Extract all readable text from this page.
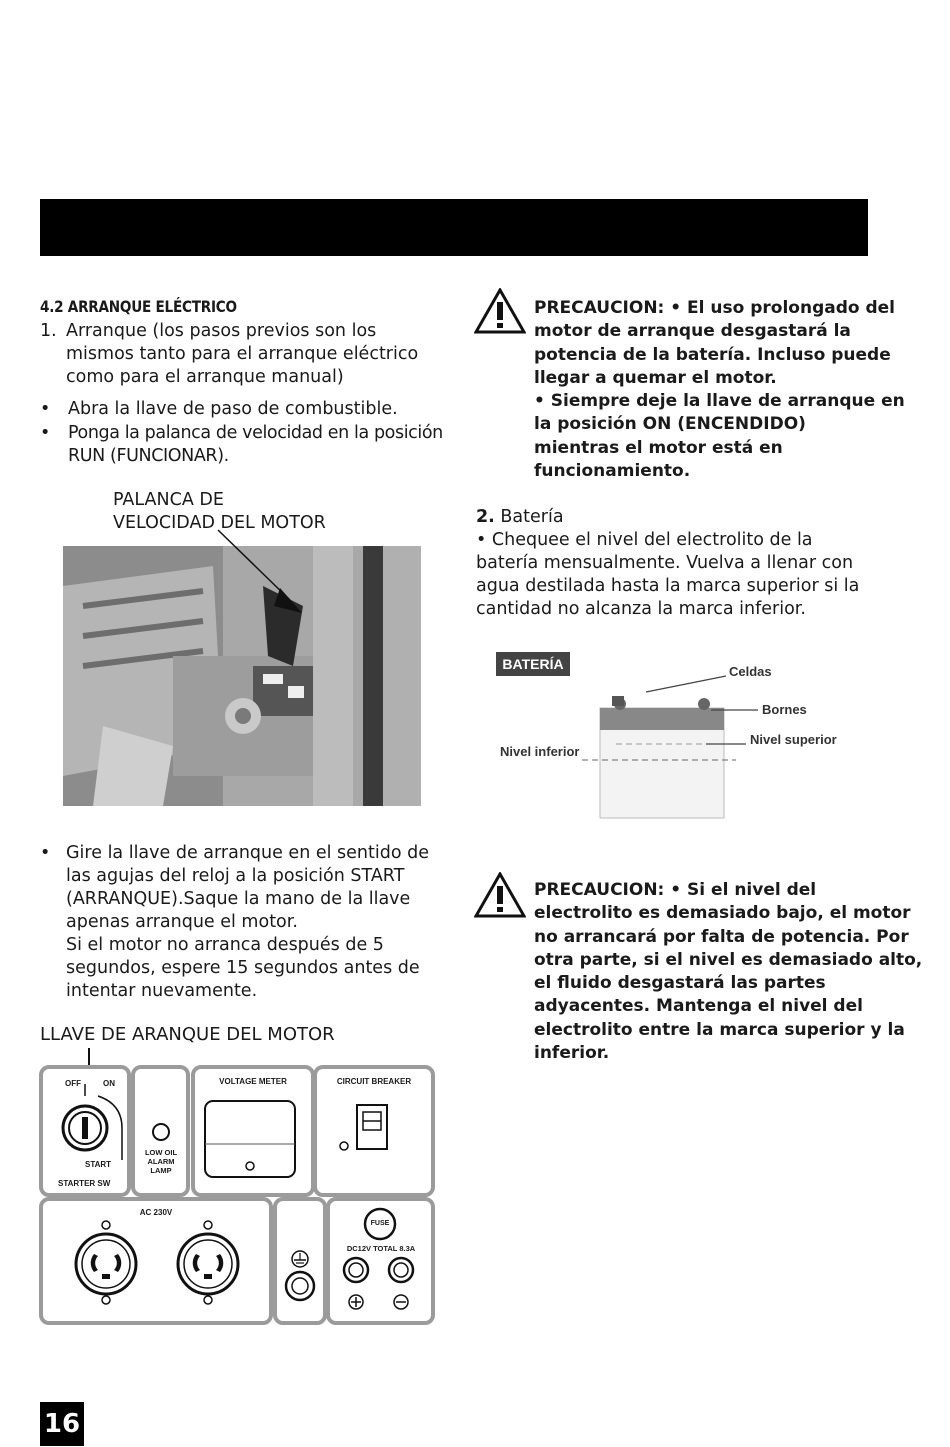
4.2 ARRANQUE ELÉCTRICO
1. Arranque (los pasos previos son los mismos tanto para el arranque eléctrico como para el arranque manual)
•	Abra la llave de paso de combustible.
•	Ponga la palanca de velocidad en la posición RUN (FUNCIONAR).
PALANCA DE
VELOCIDAD DEL MOTOR
• Gire la llave de arranque en el sentido de las agujas del reloj a la posición START (ARRANQUE).Saque la mano de la llave apenas arranque el motor.
Si el motor no arranca después de 5 segundos, espere 15 segundos antes de intentar nuevamente.
LLAVE DE ARANQUE DEL MOTOR
OFF	ON
START
STARTER SW
LOW OIL
ALARM
LAMP
VOLTAGE METER	CIRCUIT BREAKER
AC 230V
FUSE
DC12V TOTAL 8.3A
PRECAUCION: • El uso prolongado del
motor de arranque desgastará la
potencia de la batería. Incluso puede
llegar a quemar el motor.
• Siempre deje la llave de arranque en
la posición ON (ENCENDIDO)
mientras el motor está en
funcionamiento.
2. Batería
• Chequee el nivel del electrolito de la batería mensualmente. Vuelva a llenar con agua destilada hasta la marca superior si la cantidad no alcanza la marca inferior.
BATERÍA	Celdas
Bornes
Nivel superior
Nivel inferior
PRECAUCION: • Si el nivel del
electrolito es demasiado bajo, el motor
no arrancará por falta de potencia. Por
otra parte, si el nivel es demasiado alto,
el fluido desgastará las partes
adyacentes. Mantenga el nivel del
electrolito entre la marca superior y la
inferior.
16
